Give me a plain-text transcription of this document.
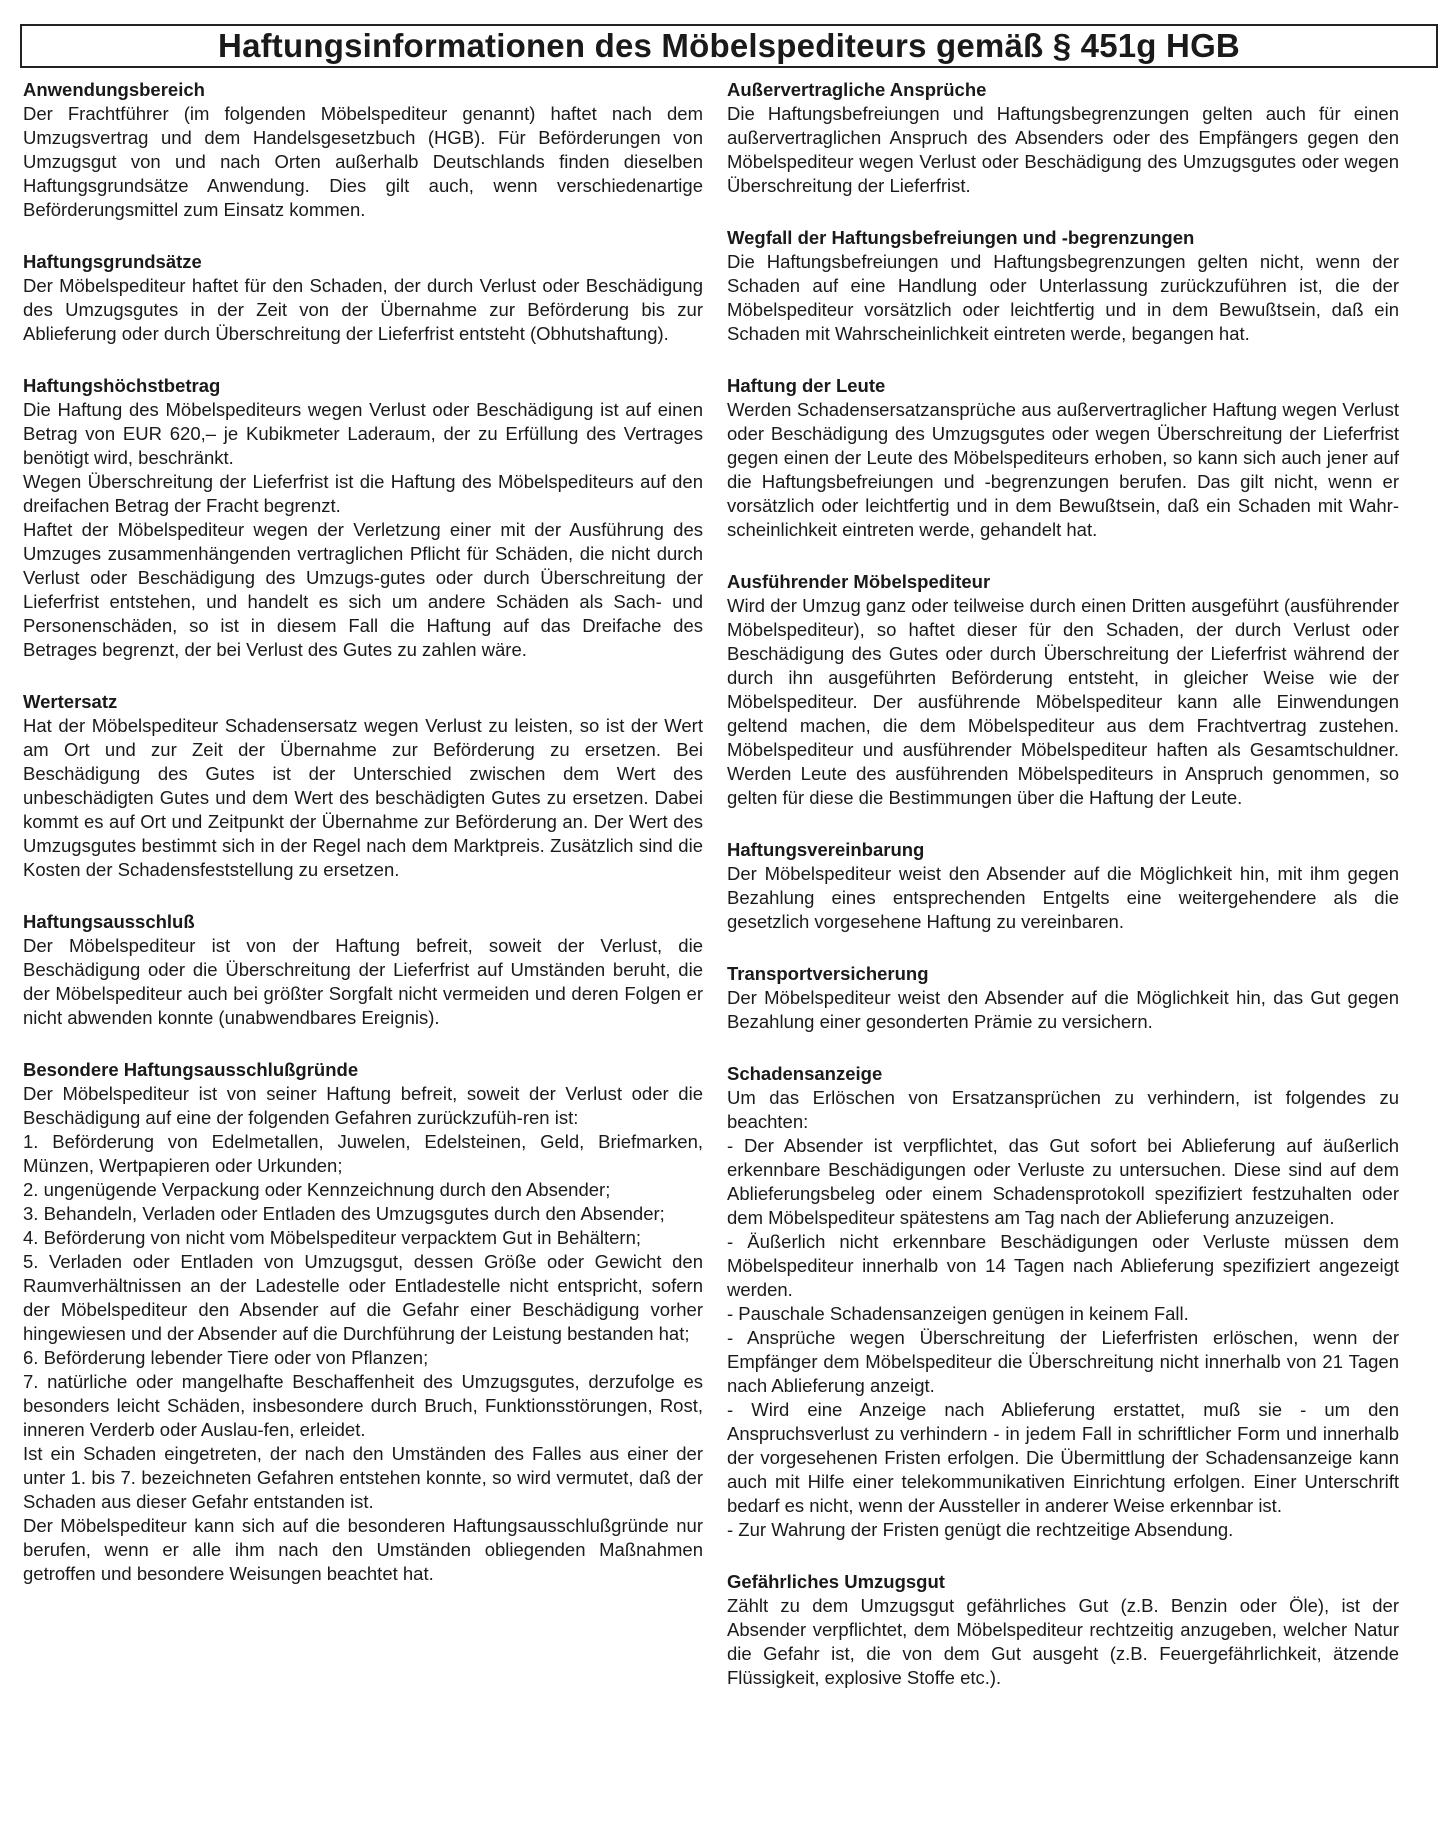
Haftungsinformationen des Möbelspediteurs gemäß § 451g HGB
Anwendungsbereich

Der Frachtführer (im folgenden Möbelspediteur genannt) haftet nach dem Umzugsvertrag und dem Handelsgesetzbuch (HGB). Für Beförderungen von Umzugsgut von und nach Orten außerhalb Deutschlands finden dieselben Haftungsgrundsätze Anwendung. Dies gilt auch, wenn verschiedenartige Beförderungsmittel zum Einsatz kommen.

Haftungsgrundsätze

Der Möbelspediteur haftet für den Schaden, der durch Verlust oder Beschädigung des Umzugsgutes in der Zeit von der Übernahme zur Beförderung bis zur Ablieferung oder durch Überschreitung der Lieferfrist entsteht (Obhutshaftung).

Haftungshöchstbetrag

Die Haftung des Möbelspediteurs wegen Verlust oder Beschädigung ist auf einen Betrag von EUR 620,– je Kubikmeter Laderaum, der zu Erfüllung des Vertrages benötigt wird, beschränkt.

Wegen Überschreitung der Lieferfrist ist die Haftung des Möbelspediteurs auf den dreifachen Betrag der Fracht begrenzt.

Haftet der Möbelspediteur wegen der Verletzung einer mit der Ausführung des Umzuges zusammenhängenden vertraglichen Pflicht für Schäden, die nicht durch Verlust oder Beschädigung des Umzugs-gutes oder durch Überschreitung der Lieferfrist entstehen, und handelt es sich um andere Schäden als Sach- und Personenschäden, so ist in diesem Fall die Haftung auf das Dreifache des Betrages begrenzt, der bei Verlust des Gutes zu zahlen wäre.

Wertersatz

Hat der Möbelspediteur Schadensersatz wegen Verlust zu leisten, so ist der Wert am Ort und zur Zeit der Übernahme zur Beförderung zu ersetzen. Bei Beschädigung des Gutes ist der Unterschied zwischen dem Wert des unbeschädigten Gutes und dem Wert des beschädigten Gutes zu ersetzen. Dabei kommt es auf Ort und Zeitpunkt der Übernahme zur Beförderung an. Der Wert des Umzugsgutes bestimmt sich in der Regel nach dem Marktpreis. Zusätzlich sind die Kosten der Schadensfeststellung zu ersetzen.

Haftungsausschluß

Der Möbelspediteur ist von der Haftung befreit, soweit der Verlust, die Beschädigung oder die Überschreitung der Lieferfrist auf Umständen beruht, die der Möbelspediteur auch bei größter Sorgfalt nicht vermeiden und deren Folgen er nicht abwenden konnte (unabwendbares Ereignis).

Besondere Haftungsausschlußgründe

Der Möbelspediteur ist von seiner Haftung befreit, soweit der Verlust oder die Beschädigung auf eine der folgenden Gefahren zurückzufüh-ren ist:

1. Beförderung von Edelmetallen, Juwelen, Edelsteinen, Geld, Briefmarken, Münzen, Wertpapieren oder Urkunden;

2. ungenügende Verpackung oder Kennzeichnung durch den Absender;

3. Behandeln, Verladen oder Entladen des Umzugsgutes durch den Absender;

4. Beförderung von nicht vom Möbelspediteur verpacktem Gut in Behältern;

5. Verladen oder Entladen von Umzugsgut, dessen Größe oder Gewicht den Raumverhältnissen an der Ladestelle oder Entladestelle nicht entspricht, sofern der Möbelspediteur den Absender auf die Gefahr einer Beschädigung vorher hingewiesen und der Absender auf die Durchführung der Leistung bestanden hat;

6. Beförderung lebender Tiere oder von Pflanzen;

7. natürliche oder mangelhafte Beschaffenheit des Umzugsgutes, derzufolge es besonders leicht Schäden, insbesondere durch Bruch, Funktionsstörungen, Rost, inneren Verderb oder Auslau-fen, erleidet.

Ist ein Schaden eingetreten, der nach den Umständen des Falles aus einer der unter 1. bis 7. bezeichneten Gefahren entstehen konnte, so wird vermutet, daß der Schaden aus dieser Gefahr entstanden ist.

Der Möbelspediteur kann sich auf die besonderen Haftungsausschlußgründe nur berufen, wenn er alle ihm nach den Umständen obliegenden Maßnahmen getroffen und besondere Weisungen beachtet hat.

Außervertragliche Ansprüche

Die Haftungsbefreiungen und Haftungsbegrenzungen gelten auch für einen außervertraglichen Anspruch des Absenders oder des Empfängers gegen den Möbelspediteur wegen Verlust oder Beschädigung des Umzugsgutes oder wegen Überschreitung der Lieferfrist.

Wegfall der Haftungsbefreiungen und -begrenzungen

Die Haftungsbefreiungen und Haftungsbegrenzungen gelten nicht, wenn der Schaden auf eine Handlung oder Unterlassung zurückzuführen ist, die der Möbelspediteur vorsätzlich oder leichtfertig und in dem Bewußtsein, daß ein Schaden mit Wahrscheinlichkeit eintreten werde, begangen hat.

Haftung der Leute

Werden Schadensersatzansprüche aus außervertraglicher Haftung wegen Verlust oder Beschädigung des Umzugsgutes oder wegen Überschreitung der Lieferfrist gegen einen der Leute des Möbelspediteurs erhoben, so kann sich auch jener auf die Haftungsbefreiungen und -begrenzungen berufen. Das gilt nicht, wenn er vorsätzlich oder leichtfertig und in dem Bewußtsein, daß ein Schaden mit Wahr-scheinlichkeit eintreten werde, gehandelt hat.

Ausführender Möbelspediteur

Wird der Umzug ganz oder teilweise durch einen Dritten ausgeführt (ausführender Möbelspediteur), so haftet dieser für den Schaden, der durch Verlust oder Beschädigung des Gutes oder durch Überschreitung der Lieferfrist während der durch ihn ausgeführten Beförderung entsteht, in gleicher Weise wie der Möbelspediteur. Der ausführende Möbelspediteur kann alle Einwendungen geltend machen, die dem Möbelspediteur aus dem Frachtvertrag zustehen. Möbelspediteur und ausführender Möbelspediteur haften als Gesamtschuldner. Werden Leute des ausführenden Möbelspediteurs in Anspruch genommen, so gelten für diese die Bestimmungen über die Haftung der Leute.

Haftungsvereinbarung

Der Möbelspediteur weist den Absender auf die Möglichkeit hin, mit ihm gegen Bezahlung eines entsprechenden Entgelts eine weitergehendere als die gesetzlich vorgesehene Haftung zu vereinbaren.

Transportversicherung

Der Möbelspediteur weist den Absender auf die Möglichkeit hin, das Gut gegen Bezahlung einer gesonderten Prämie zu versichern.

Schadensanzeige

Um das Erlöschen von Ersatzansprüchen zu verhindern, ist folgendes zu beachten:

- Der Absender ist verpflichtet, das Gut sofort bei Ablieferung auf äußerlich erkennbare Beschädigungen oder Verluste zu untersuchen. Diese sind auf dem Ablieferungsbeleg oder einem Schadensprotokoll spezifiziert festzuhalten oder dem Möbelspediteur spätestens am Tag nach der Ablieferung anzuzeigen.

- Äußerlich nicht erkennbare Beschädigungen oder Verluste müssen dem Möbelspediteur innerhalb von 14 Tagen nach Ablieferung spezifiziert angezeigt werden.

- Pauschale Schadensanzeigen genügen in keinem Fall.

- Ansprüche wegen Überschreitung der Lieferfristen erlöschen, wenn der Empfänger dem Möbelspediteur die Überschreitung nicht innerhalb von 21 Tagen nach Ablieferung anzeigt.

- Wird eine Anzeige nach Ablieferung erstattet, muß sie - um den Anspruchsverlust zu verhindern - in jedem Fall in schriftlicher Form und innerhalb der vorgesehenen Fristen erfolgen. Die Übermittlung der Schadensanzeige kann auch mit Hilfe einer telekommunikativen Einrichtung erfolgen. Einer Unterschrift bedarf es nicht, wenn der Aussteller in anderer Weise erkennbar ist.

- Zur Wahrung der Fristen genügt die rechtzeitige Absendung.

Gefährliches Umzugsgut

Zählt zu dem Umzugsgut gefährliches Gut (z.B. Benzin oder Öle), ist der Absender verpflichtet, dem Möbelspediteur rechtzeitig anzugeben, welcher Natur die Gefahr ist, die von dem Gut ausgeht (z.B. Feuergefährlichkeit, ätzende Flüssigkeit, explosive Stoffe etc.).
